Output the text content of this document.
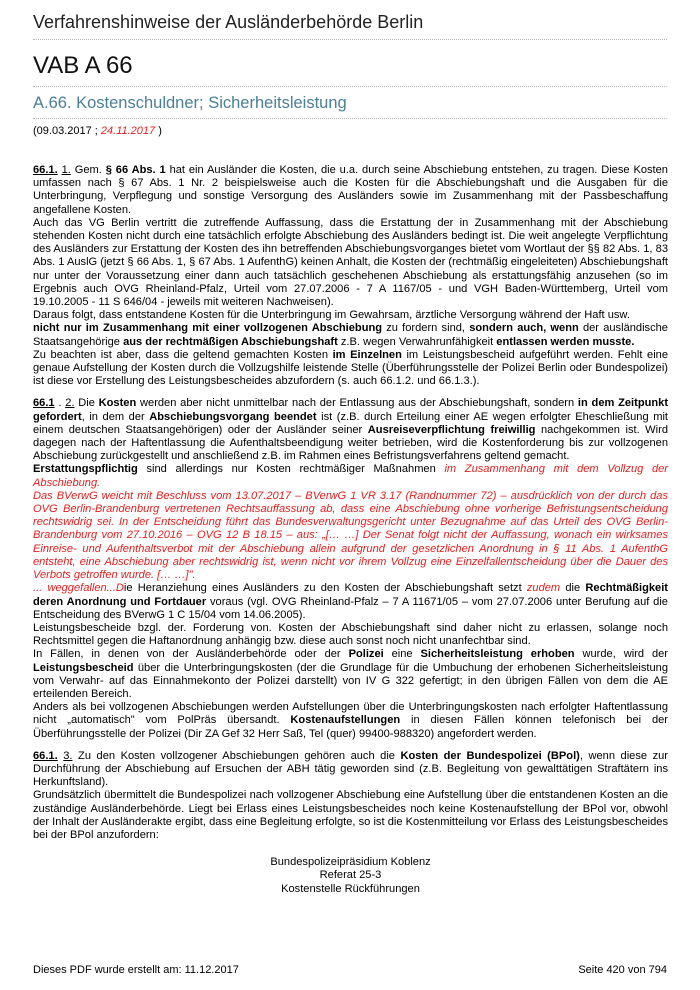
Verfahrenshinweise der Ausländerbehörde Berlin
VAB A 66
A.66. Kostenschuldner; Sicherheitsleistung
(09.03.2017 ; 24.11.2017 )

66.1. 1. Gem. § 66 Abs. 1 hat ein Ausländer die Kosten, die u.a. durch seine Abschiebung entstehen, zu tragen. Diese Kosten umfassen nach § 67 Abs. 1 Nr. 2 beispielsweise auch die Kosten für die Abschiebungshaft und die Ausgaben für die Unterbringung, Verpflegung und sonstige Versorgung des Ausländers sowie im Zusammenhang mit der Passbeschaffung angefallene Kosten.

Auch das VG Berlin vertritt die zutreffende Auffassung, dass die Erstattung der in Zusammenhang mit der Abschiebung stehenden Kosten nicht durch eine tatsächlich erfolgte Abschiebung des Ausländers bedingt ist. Die weit angelegte Verpflichtung des Ausländers zur Erstattung der Kosten des ihn betreffenden Abschiebungsvorganges bietet vom Wortlaut der §§ 82 Abs. 1, 83 Abs. 1 AuslG (jetzt § 66 Abs. 1, § 67 Abs. 1 AufenthG) keinen Anhalt, die Kosten der (rechtmäßig eingeleiteten) Abschiebungshaft nur unter der Voraussetzung einer dann auch tatsächlich geschehenen Abschiebung als erstattungsfähig anzusehen (so im Ergebnis auch OVG Rheinland-Pfalz, Urteil vom 27.07.2006 - 7 A 1167/05 - und VGH Baden-Württemberg, Urteil vom 19.10.2005 - 11 S 646/04 - jeweils mit weiteren Nachweisen).

Daraus folgt, dass entstandene Kosten für die Unterbringung im Gewahrsam, ärztliche Versorgung während der Haft usw.

nicht nur im Zusammenhang mit einer vollzogenen Abschiebung zu fordern sind, sondern auch, wenn der ausländische Staatsangehörige aus der rechtmäßigen Abschiebungshaft z.B. wegen Verwahrunfähigkeit entlassen werden musste.

Zu beachten ist aber, dass die geltend gemachten Kosten im Einzelnen im Leistungsbescheid aufgeführt werden. Fehlt eine genaue Aufstellung der Kosten durch die Vollzugshilfe leistende Stelle (Überführungsstelle der Polizei Berlin oder Bundespolizei) ist diese vor Erstellung des Leistungsbescheides abzufordern (s. auch 66.1.2. und 66.1.3.).

66.1 . 2. Die Kosten werden aber nicht unmittelbar nach der Entlassung aus der Abschiebungshaft, sondern in dem Zeitpunkt gefordert, in dem der Abschiebungsvorgang beendet ist (z.B. durch Erteilung einer AE wegen erfolgter Eheschließung mit einem deutschen Staatsangehörigen) oder der Ausländer seiner Ausreiseverpflichtung freiwillig nachgekommen ist. Wird dagegen nach der Haftentlassung die Aufenthaltsbeendigung weiter betrieben, wird die Kostenforderung bis zur vollzogenen Abschiebung zurückgestellt und anschließend z.B. im Rahmen eines Befristungsverfahrens geltend gemacht.

Erstattungspflichtig sind allerdings nur Kosten rechtmäßiger Maßnahmen im Zusammenhang mit dem Vollzug der Abschiebung.

Das BVerwG weicht mit Beschluss vom 13.07.2017 – BVerwG 1 VR 3.17 (Randnummer 72) – ausdrücklich von der durch das OVG Berlin-Brandenburg vertretenen Rechtsauffassung ab, dass eine Abschiebung ohne vorherige Befristungsentscheidung rechtswidrig sei. In der Entscheidung führt das Bundesverwaltungsgericht unter Bezugnahme auf das Urteil des OVG Berlin-Brandenburg vom 27.10.2016 – OVG 12 B 18.15 – aus: „[… …] Der Senat folgt nicht der Auffassung, wonach ein wirksames Einreise- und Aufenthaltsverbot mit der Abschiebung allein aufgrund der gesetzlichen Anordnung in § 11 Abs. 1 AufenthG entsteht, eine Abschiebung aber rechtswidrig ist, wenn nicht vor ihrem Vollzug eine Einzelfallentscheidung über die Dauer des Verbots getroffen wurde. [… …]".

... weggefallen...Die Heranziehung eines Ausländers zu den Kosten der Abschiebungshaft setzt zudem die Rechtmäßigkeit deren Anordnung und Fortdauer voraus (vgl. OVG Rheinland-Pfalz – 7 A 11671/05 – vom 27.07.2006 unter Berufung auf die Entscheidung des BVerwG 1 C 15/04 vom 14.06.2005).

Leistungsbescheide bzgl. der. Forderung von. Kosten der Abschiebungshaft sind daher nicht zu erlassen, solange noch Rechtsmittel gegen die Haftanordnung anhängig bzw. diese auch sonst noch nicht unanfechtbar sind.

In Fällen, in denen von der Ausländerbehörde oder der Polizei eine Sicherheitsleistung erhoben wurde, wird der Leistungsbescheid über die Unterbringungskosten (der die Grundlage für die Umbuchung der erhobenen Sicherheitsleistung vom Verwahr- auf das Einnahmekonto der Polizei darstellt) von IV G 322 gefertigt; in den übrigen Fällen von dem die AE erteilenden Bereich.

Anders als bei vollzogenen Abschiebungen werden Aufstellungen über die Unterbringungskosten nach erfolgter Haftentlassung nicht „automatisch" vom PolPräs übersandt. Kostenaufstellungen in diesen Fällen können telefonisch bei der Überführungsstelle der Polizei (Dir ZA Gef 32 Herr Saß, Tel (quer) 99400-988320) angefordert werden.

66.1. 3. Zu den Kosten vollzogener Abschiebungen gehören auch die Kosten der Bundespolizei (BPol), wenn diese zur Durchführung der Abschiebung auf Ersuchen der ABH tätig geworden sind (z.B. Begleitung von gewalttätigen Straftätern ins Herkunftsland).

Grundsätzlich übermittelt die Bundespolizei nach vollzogener Abschiebung eine Aufstellung über die entstandenen Kosten an die zuständige Ausländerbehörde. Liegt bei Erlass eines Leistungsbescheides noch keine Kostenaufstellung der BPol vor, obwohl der Inhalt der Ausländerakte ergibt, dass eine Begleitung erfolgte, so ist die Kostenmitteilung vor Erlass des Leistungsbescheides bei der BPol anzufordern:

Bundespolizeipräsidium Koblenz

Referat 25-3

Kostenstelle Rückführungen

Dieses PDF wurde erstellt am: 11.12.2017	Seite 420 von 794
